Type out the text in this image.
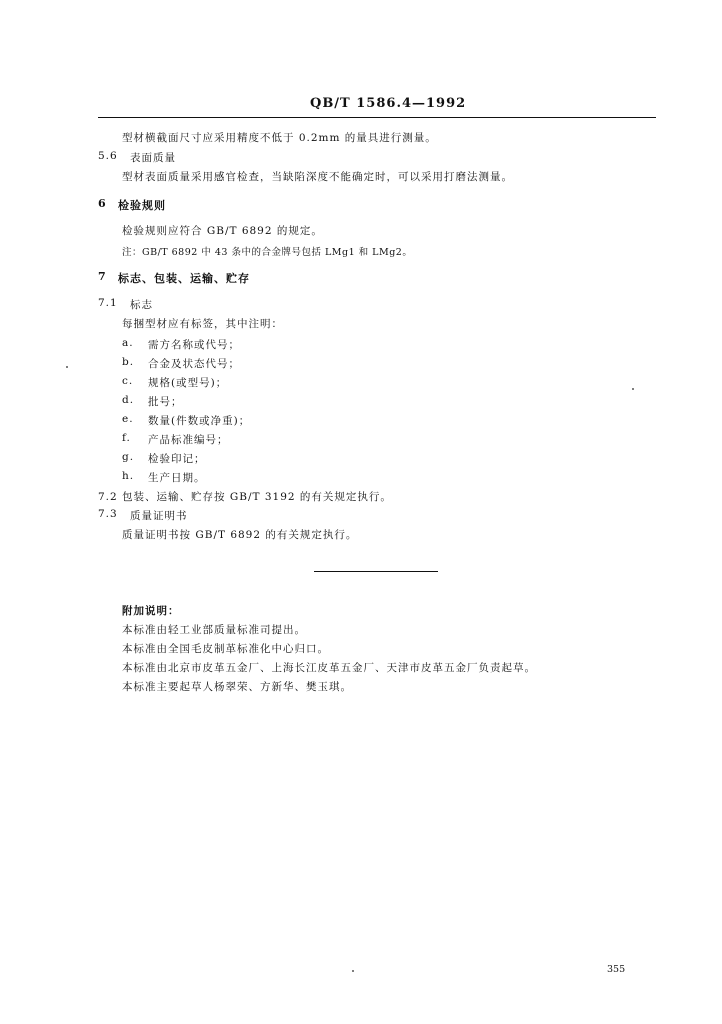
QB/T 1586.4—1992
型材横截面尺寸应采用精度不低于 0.2mm 的量具进行测量。
5.6 表面质量
型材表面质量采用感官检查，当缺陷深度不能确定时，可以采用打磨法测量。
6 检验规则
检验规则应符合 GB/T 6892 的规定。
注：GB/T 6892 中 43 条中的合金牌号包括 LMg1 和 LMg2。
7 标志、包装、运输、贮存
7.1 标志
每捆型材应有标签，其中注明：
a. 需方名称或代号；
b. 合金及状态代号；
c. 规格(或型号)；
d. 批号；
e. 数量(件数或净重)；
f. 产品标准编号；
g. 检验印记；
h. 生产日期。
7.2 包装、运输、贮存按 GB/T 3192 的有关规定执行。
7.3 质量证明书
质量证明书按 GB/T 6892 的有关规定执行。
附加说明：
本标准由轻工业部质量标准司提出。
本标准由全国毛皮制革标准化中心归口。
本标准由北京市皮革五金厂、上海长江皮革五金厂、天津市皮革五金厂负责起草。
本标准主要起草人杨翠荣、方新华、樊玉琪。
355
